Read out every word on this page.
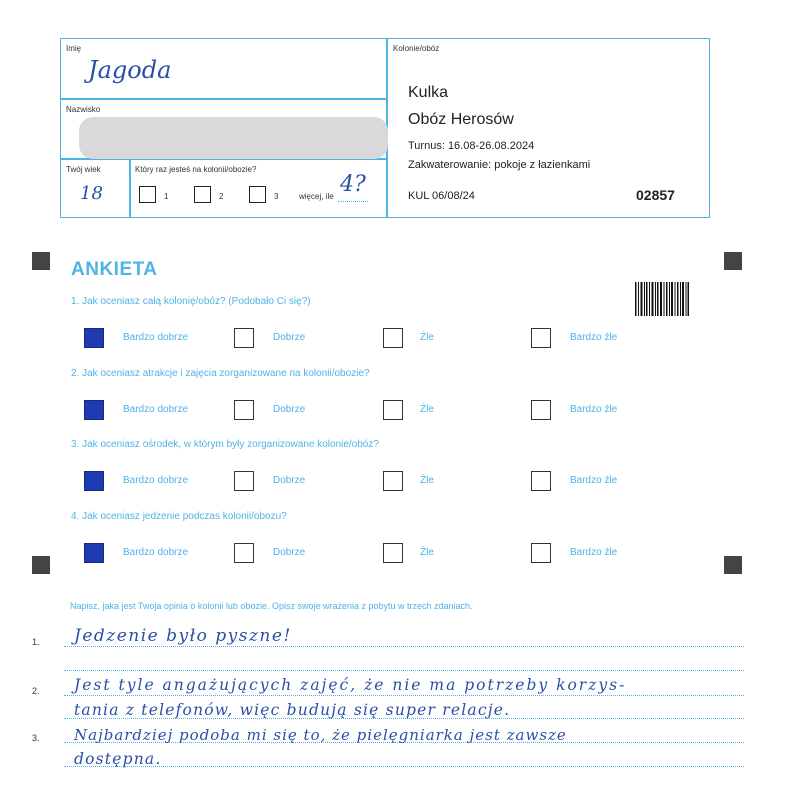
Imię
Jagoda
Nazwisko
Twój wiek
18
Który raz jesteś na kolonii/obozie?
1	2	3	więcej, ile 4?
Kolonie/obóz
Kulka
Obóz Herosów
Turnus: 16.08-26.08.2024
Zakwaterowanie: pokoje z łazienkami
KUL 06/08/24	02857
ANKIETA
1. Jak oceniasz całą kolonię/obóz? (Podobało Ci się?)
Bardzo dobrze	Dobrze	Źle	Bardzo źle
2. Jak oceniasz atrakcje i zajęcia zorganizowane na kolonii/obozie?
Bardzo dobrze	Dobrze	Źle	Bardzo źle
3. Jak oceniasz ośrodek, w którym były zorganizowane kolonie/obóz?
Bardzo dobrze	Dobrze	Źle	Bardzo źle
4. Jak oceniasz jedzenie podczas kolonii/obozu?
Bardzo dobrze	Dobrze	Źle	Bardzo źle
Napisz, jaka jest Twoja opinia o kolonii lub obozie. Opisz swoje wrażenia z pobytu w trzech zdaniach.
1.
2.
3.
Jedzenie było pyszne!
Jest tyle angażujących zajęć, że nie ma potrzeby korzys-
tania z telefonów, więc budują się super relacje.
Najbardziej podoba mi się to, że pielęgniarka jest zawsze
dostępna.
